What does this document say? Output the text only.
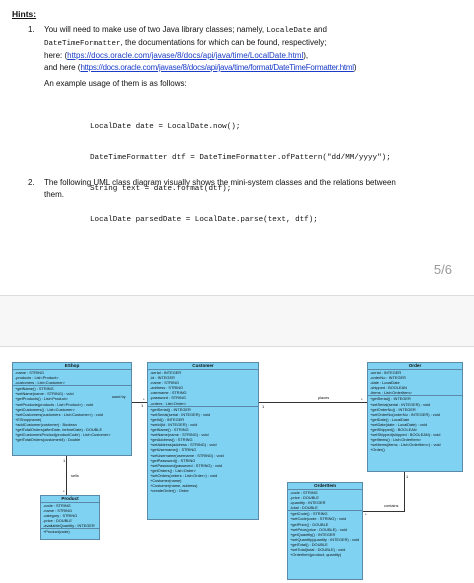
Hints:
1. You will need to make use of two Java library classes; namely, LocaleDate and
DateTimeFormatter, the documentations for which can be found, respectively;
here: (https://docs.oracle.com/javase/8/docs/api/java/time/LocalDate.html),
and here (https://docs.oracle.com/javase/8/docs/api/java/time/format/DateTimeFormatter.html)
An example usage of them is as follows:

LocalDate date = LocalDate.now();

DateTimeFormatter dtf = DateTimeFormatter.ofPattern("dd/MM/yyyy");

String text = date.format(dtf);

LocalDate parsedDate = LocalDate.parse(text, dtf);

2. The following UML class diagram visually shows the mini-system classes and the relations between
them.
5/6
EShop
-name : STRING
-products : List<Product>
-customers : List<Customer>
+getName() : STRING
+setName(name : STRING) : void
+getProducts() : List<Product>
+setProducts(products : List<Product>) : void
+getCustomers() : List<Customer>
+setCustomers(customers : List<Customer>) : void
+EShop(name)
+addCustomer(customer) : Boolean
+getTotalOrders(afterDate, beforeDate) : DOUBLE
+getCustomersProduct(productCode) : List<Customer>
+getTotalOrders(customerId) : Double
Customer
-serial : INTEGER
-id : INTEGER
-name : STRING
-address : STRING
-username : STRING
-password : STRING
-orders : List<Order>
+getSerial() : INTEGER
+setSerial(serial : INTEGER) : void
+getId() : INTEGER
+setId(id : INTEGER) : void
+getName() : STRING
+setName(name : STRING) : void
+getAddress() : STRING
+setAddress(address : STRING) : void
+getUsername() : STRING
+setUsername(username : STRING) : void
+getPassword() : STRING
+setPassword(password : STRING) : void
+getOrders() : List<Order>
+setOrders(orders : List<Order>) : void
+Customer(name)
+Customer(name, address)
+createOrder() : Order
Order
-serial : INTEGER
-orderNo : INTEGER
-date : LocalDate
-shipped : BOOLEAN
-items : List<OrderItem>
+getSerial() : INTEGER
+setSerial(serial : INTEGER) : void
+getOrderNo() : INTEGER
+setOrderNo(orderNo : INTEGER) : void
+getDate() : LocalDate
+setDate(date : LocalDate) : void
+getShipped() : BOOLEAN
+setShipped(shipped : BOOLEAN) : void
+getItems() : List<OrderItem>
+setItems(items : List<OrderItem>) : void
+Order()
Product
-code : STRING
-name : STRING
-category : STRING
-price : DOUBLE
-availableQuantity : INTEGER
+Product(code)
OrderItem
-code : STRING
-price : DOUBLE
-quantity : INTEGER
-total : DOUBLE
+getCode() : STRING
+setCode(code : STRING) : void
+getPrice() : DOUBLE
+setPrice(price : DOUBLE) : void
+getQuantity() : INTEGER
+setQuantity(quantity : INTEGER) : void
+getTotal() : DOUBLE
+setTotal(total : DOUBLE) : void
+OrderItem(product, quantity)
used by
1
*	places
1
*
sells
1
*
contains
1
*
